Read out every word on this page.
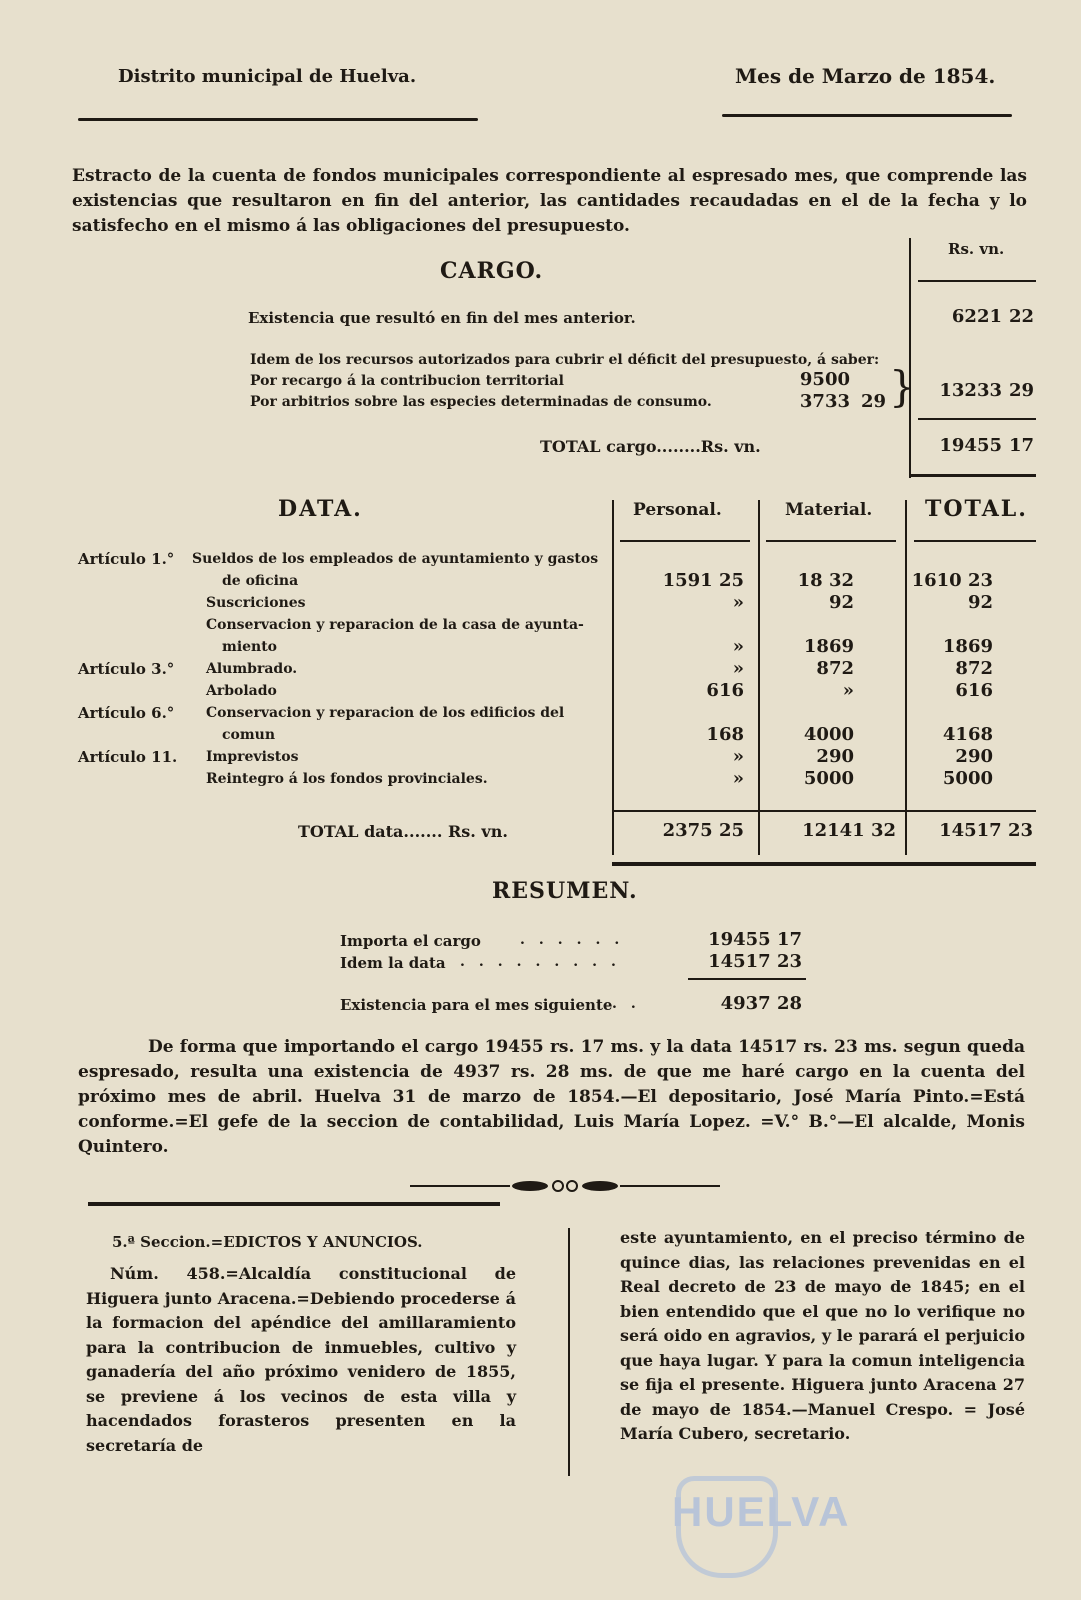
Distrito municipal de Huelva.	Mes de Marzo de 1854.
Estracto de la cuenta de fondos municipales correspondiente al espresado mes, que comprende las existencias que resultaron en fin del anterior, las cantidades recaudadas en el de la fecha y lo satisfecho en el mismo á las obligaciones del presupuesto.
Rs. vn.
CARGO.
Existencia que resultó en fin del mes anterior.	6221 22
Idem de los recursos autorizados para cubrir el déficit del presupuesto, á saber:
Por recargo á la contribucion territorial	9500
Por arbitrios sobre las especies determinadas de consumo.	3733 29 }	13233 29
TOTAL cargo........Rs. vn.	19455 17
DATA.	Personal.	Material. TOTAL.
Artículo 1.° Sueldos de los empleados de ayuntamiento y gastos
de oficina	1591 25	18 32	1610 23
Suscriciones	»	92	92
Conservacion y reparacion de la casa de ayunta-
miento	»	1869	1869
Artículo 3.° Alumbrado.	»	872	872
Arbolado	616	»	616
Artículo 6.° Conservacion y reparacion de los edificios del
comun	168	4000	4168
Artículo 11. Imprevistos	»	290	290
Reintegro á los fondos provinciales.	»	5000	5000
TOTAL data....... Rs. vn.	2375 25	12141 32	14517 23
RESUMEN.
Importa el cargo	......	19455 17
Idem la data .........	14517 23
Existencia para el mes siguiente ..	4937 28
De forma que importando el cargo 19455 rs. 17 ms. y la data 14517 rs. 23 ms. segun queda espresado, resulta una existencia de 4937 rs. 28 ms. de que me haré cargo en la cuenta del próximo mes de abril. Huelva 31 de marzo de 1854.—El depositario, José María Pinto.=Está conforme.=El gefe de la seccion de contabilidad, Luis María Lopez. =V.° B.°—El alcalde, Monis Quintero.
5.ª Seccion.=EDICTOS Y ANUNCIOS.
Núm. 458.=Alcaldía constitucional de Higuera junto Aracena.=Debiendo procederse á la formacion del apéndice del amillaramiento para la contribucion de inmuebles, cultivo y ganadería del año próximo venidero de 1855, se previene á los vecinos de esta villa y hacendados forasteros presenten en la secretaría de
este ayuntamiento, en el preciso término de quince dias, las relaciones prevenidas en el Real decreto de 23 de mayo de 1845; en el bien entendido que el que no lo verifique no será oido en agravios, y le parará el perjuicio que haya lugar. Y para la comun inteligencia se fija el presente. Higuera junto Aracena 27 de mayo de 1854.—Manuel Crespo. = José María Cubero, secretario.
HUELVA
